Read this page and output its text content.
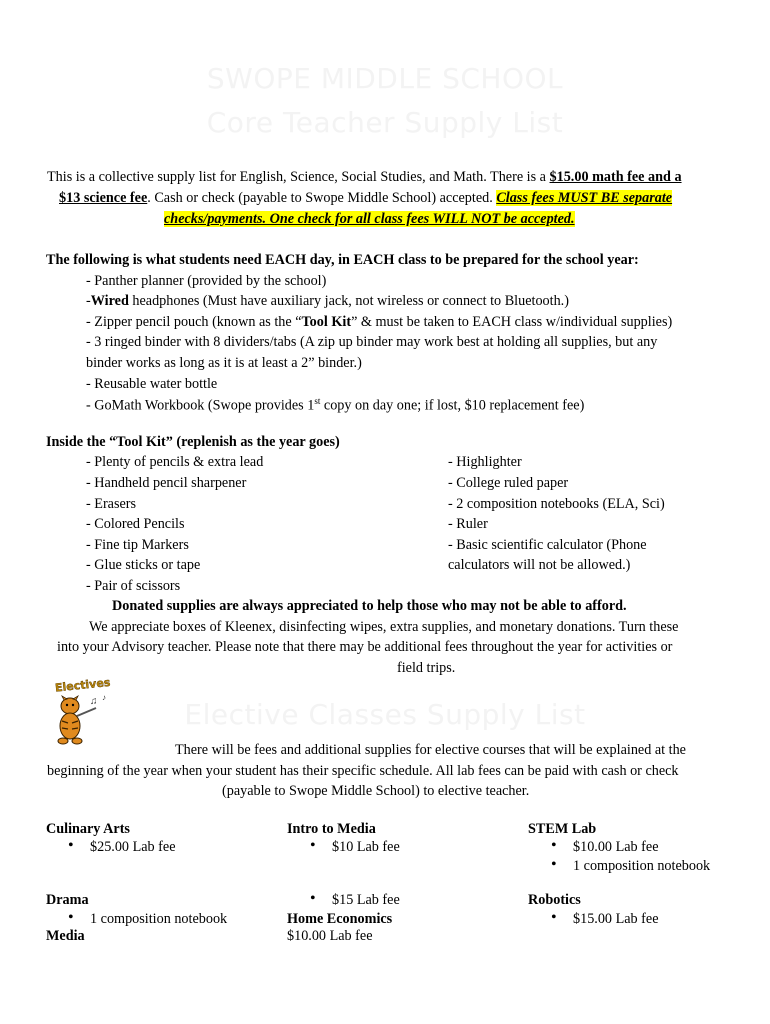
SWOPE MIDDLE SCHOOL
Core Teacher Supply List
This is a collective supply list for English, Science, Social Studies, and Math. There is a $15.00 math fee and a
$13 science fee. Cash or check (payable to Swope Middle School) accepted. Class fees MUST BE separate
checks/payments. One check for all class fees WILL NOT be accepted.
The following is what students need EACH day, in EACH class to be prepared for the school year:
- Panther planner (provided by the school)
-Wired headphones (Must have auxiliary jack, not wireless or connect to Bluetooth.)
- Zipper pencil pouch (known as the “Tool Kit” & must be taken to EACH class w/individual supplies)
- 3 ringed binder with 8 dividers/tabs (A zip up binder may work best at holding all supplies, but any
binder works as long as it is at least a 2” binder.)
- Reusable water bottle
- GoMath Workbook (Swope provides 1st copy on day one; if lost, $10 replacement fee)
Inside the “Tool Kit” (replenish as the year goes)
- Plenty of pencils & extra lead
- Handheld pencil sharpener
- Erasers
- Colored Pencils
- Fine tip Markers
- Glue sticks or tape
- Pair of scissors
- Highlighter
- College ruled paper
- 2 composition notebooks (ELA, Sci)
- Ruler
- Basic scientific calculator (Phone
calculators will not be allowed.)
Donated supplies are always appreciated to help those who may not be able to afford.
We appreciate boxes of Kleenex, disinfecting wipes, extra supplies, and monetary donations. Turn these
into your Advisory teacher. Please note that there may be additional fees throughout the year for activities or
field trips.
Electives
♫ ♪
Elective Classes Supply List
There will be fees and additional supplies for elective courses that will be explained at the
beginning of the year when your student has their specific schedule. All lab fees can be paid with cash or check
(payable to Swope Middle School) to elective teacher.
Culinary Arts
• $25.00 Lab fee
Intro to Media
• $10 Lab fee
STEM Lab
• $10.00 Lab fee
• 1 composition notebook
Drama
• 1 composition notebook
Media
• $15 Lab fee
Home Economics
$10.00 Lab fee
Robotics
• $15.00 Lab fee
